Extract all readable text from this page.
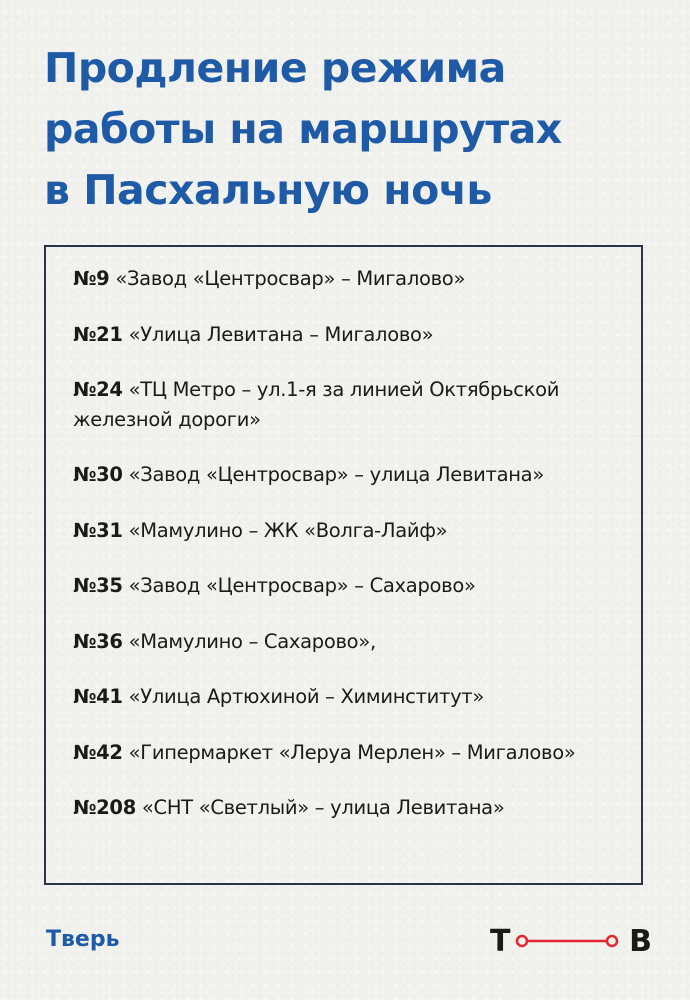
Продление режима
работы на маршрутах
в Пасхальную ночь
№9 «Завод «Центросвар» – Мигалово»
№21 «Улица Левитана – Мигалово»
№24 «ТЦ Метро – ул.1-я за линией Октябрьской железной дороги»
№30 «Завод «Центросвар» – улица Левитана»
№31 «Мамулино – ЖК «Волга-Лайф»
№35 «Завод «Центросвар» – Сахарово»
№36 «Мамулино – Сахарово»,
№41 «Улица Артюхиной – Химинститут»
№42 «Гипермаркет «Леруа Мерлен» – Мигалово»
№208 «СНТ «Светлый» – улица Левитана»
Тверь	Т	В
